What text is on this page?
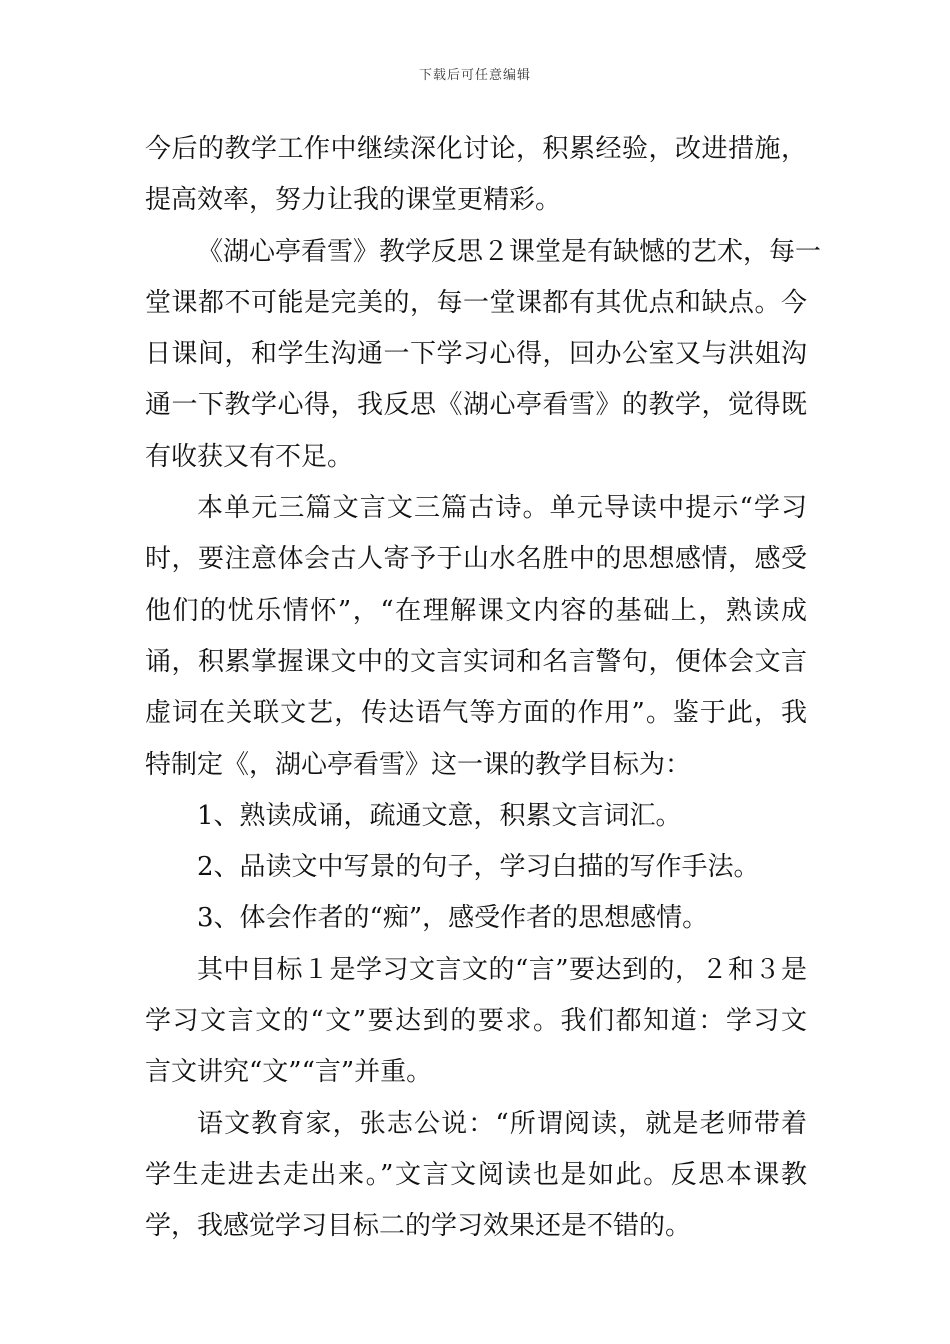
下载后可任意编辑
今后的教学工作中继续深化讨论，积累经验，改进措施，
提高效率，努力让我的课堂更精彩。
《湖心亭看雪》教学反思２课堂是有缺憾的艺术，每一
堂课都不可能是完美的，每一堂课都有其优点和缺点。今
日课间，和学生沟通一下学习心得，回办公室又与洪姐沟
通一下教学心得，我反思《湖心亭看雪》的教学，觉得既
有收获又有不足。
本单元三篇文言文三篇古诗。单元导读中提示“学习
时，要注意体会古人寄予于山水名胜中的思想感情，感受
他们的忧乐情怀”，“在理解课文内容的基础上，熟读成
诵，积累掌握课文中的文言实词和名言警句，便体会文言
虚词在关联文艺，传达语气等方面的作用”。鉴于此，我
特制定《，湖心亭看雪》这一课的教学目标为：
1、熟读成诵，疏通文意，积累文言词汇。
2、品读文中写景的句子，学习白描的写作手法。
3、体会作者的“痴”，感受作者的思想感情。
其中目标１是学习文言文的“言”要达到的，２和３是
学习文言文的“文”要达到的要求。我们都知道：学习文
言文讲究“文”“言”并重。
语文教育家，张志公说：“所谓阅读，就是老师带着
学生走进去走出来。”文言文阅读也是如此。反思本课教
学，我感觉学习目标二的学习效果还是不错的。
